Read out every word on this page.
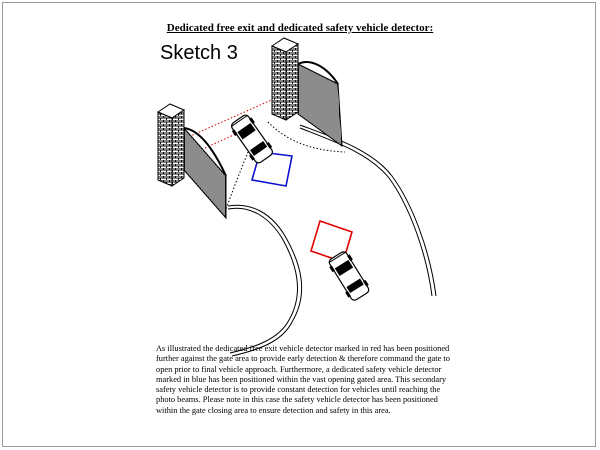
Dedicated free exit and dedicated safety vehicle detector:
Sketch 3

As illustrated the dedicated free exit vehicle detector marked in red has been positioned further against the gate area to provide early detection & therefore command the gate to open prior to final vehicle approach. Furthermore, a dedicated safety vehicle detector marked in blue has been positioned within the vast opening gated area. This secondary safety vehicle detector is to provide constant detection for vehicles until reaching the photo beams. Please note in this case the safety vehicle detector has been positioned within the gate closing area to ensure detection and safety in this area.
